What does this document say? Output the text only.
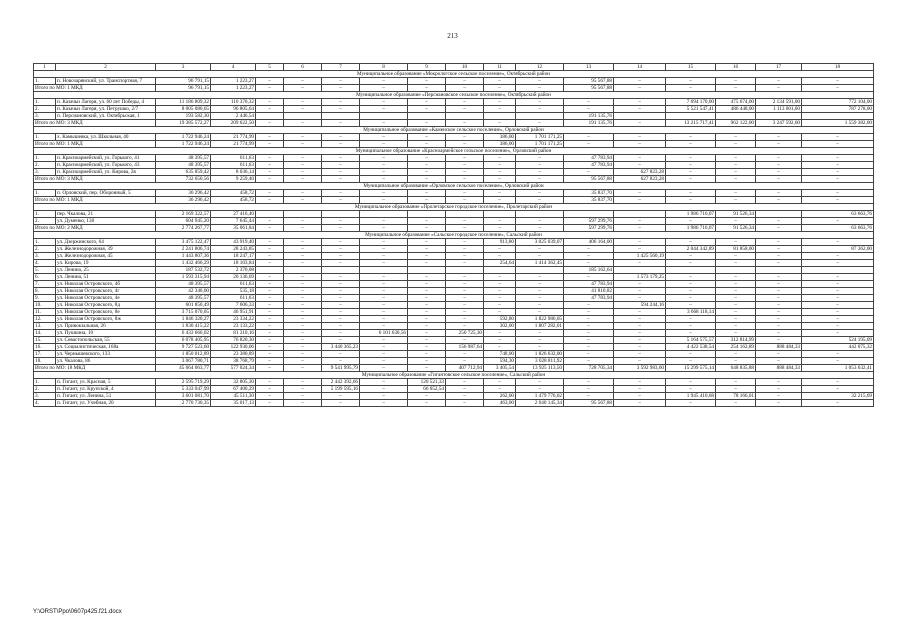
213
1	2	3	4	5	6	7	8	9	10	11	12	13	14	15	16	17	18
Муниципальное образование «Мокрологское сельское поселение», Октябрьский район																	
1.	п. Новозарянский, ул. Транспортная, 7	96 791,15	1 223,27	–	–	–	–	–	–	–	–	95 567,88	–	–	–	–	–
Итого по МО: 1 МКД		96 791,15	1 223,27	–	–	–	–	–	–	–	–	95 567,88	–	–	–	–	–
Муниципальное образование «Персиановское сельское поселение», Октябрьский район																	
1.	п. Казачьи Лагеря, ул. 60 лет Победы, 4	11 186 809,32	110 370,32	–	–	–	–	–	–	–	–	–	–	7 694 170,00	475 674,00	2 134 591,00	772 104,00
2.	п. Казачьи Лагеря, ул. Петрушко, 2/7	8 005 080,65	96 805,64	–	–	–	–	–	–	–	–	–	–	5 521 547,41	486 448,00	1 113 001,60	787 278,00
3.	п. Персиановский, ул. Октябрьская, 1	193 582,30	2 446,54									191 135,76					
Итого по МО: 3 МКД		19 385 572,27	209 622,50	–	–	–	–	–	–	–	–	191 135,76	–	13 215 717,41	962 122,00	3 247 592,60	1 559 382,00
Муниципальное образование «Каменское сельское поселение», Орловский район																	
1.	х. Камышевка, ул. Школьная, 40	1 722 946,24	21 774,99	–	–	–	–	–	–	386,00	1 701 171,25	–	–	–	–	–	–
Итого по МО: 1 МКД		1 722 946,24	21 774,99	–	–	–	–	–	–	386,00	1 701 171,25	–	–	–	–	–	–
Муниципальное образование «Красноармейское сельское поселение», Орловский район																	
1.	п. Красноармейский, ул. Горького, 41	48 395,57	611,63	–	–	–	–	–	–	–	–	47 783,94	–	–	–	–	–
2.	п. Красноармейский, ул. Горького, 43	48 395,57	611,63	–	–	–	–	–	–	–	–	47 783,94	–	–	–	–	–
3.	п. Красноармейский, ул. Кирова, 2в	635 859,42	8 036,14	–	–	–	–	–	–	–	–	–	627 823,28	–	–	–	–
Итого по МО: 3 МКД		732 650,56	9 259,40	–	–	–	–	–	–	–	–	95 567,88	627 823,28	–	–	–	–
Муниципальное образование «Орловское сельское поселение», Орловский район																	
1.	п. Орловский, пер. Оборонный, 5	36 296,42	458,72	–	–	–	–	–	–	–	–	35 837,70	–	–	–	–	–
Итого по МО: 1 МКД		36 296,42	458,72	–	–	–	–	–	–	–	–	35 837,70	–	–	–	–	–
Муниципальное образование «Пролетарское городское поселение», Пролетарский район																	
1.	пер. Чкалова, 21	2 169 322,57	27 416,40											1 986 716,07	91 526,34		63 663,76
2.	ул. Думенко, 130	604 945,20	7 645,44	–	–	–	–	–	–	–	–	597 299,76	–	–	–	–	–
Итого по МО: 2 МКД		2 774 267,77	35 061,84	–	–	–	–	–	–	–	–	597 299,76	–	1 986 716,07	91 526,34	–	63 663,76
Муниципальное образование «Сальское городское поселение», Сальский район																	
1.	ул. Дзержинского, 64	3 475 122,47	43 919,40	–	–	–	–	–	–	913,80	3 025 039,07	406 164,00	–	–	–	–	–
2.	ул. Железнодорожная, 39	2 241 806,74	28 243,85	–	–	–	–	–	–	–	–	–	–	2 044 342,89	81 858,00	–	87 362,00
3.	ул. Железнодорожная, 45	1 443 807,36	18 247,17	–	–	–	–	–	–	–	–	–	1 425 560,19	–	–	–	–
4.	ул. Кирова, 19	1 432 466,29	18 103,84	–	–	–	–	–	–	254,64	1 414 362,45	–	–	–	–	–	–
5.	ул. Ленина, 25	187 532,72	2 370,08									185 162,64					
6.	ул. Ленина, 51	1 593 315,94	20 136,69	–	–	–	–	–	–	–	–	–	1 573 179,25	–	–	–	–
7.	ул. Николая Островского, 4б	48 395,57	611,63	–	–	–	–	–	–	–	–	47 783,94	–	–	–	–	–
8.	ул. Николая Островского, 4г	42 346,00	535,18	–	–	–	–	–	–	–	–	41 810,82	–	–	–	–	–
9.	ул. Николая Островского, 4е	48 395,57	611,63	–	–	–	–	–	–	–	–	47 783,94	–	–	–	–	–
10.	ул. Николая Островского, 8д	601 850,49	7 606,33	–	–	–	–	–	–	–	–	–	594 244,16	–	–	–	–
11.	ул. Николая Островского, 8е	3 715 070,05	46 951,91	–	–	–	–	–	–	–	–	–	–	3 668 118,14	–	–	–
12.	ул. Николая Островского, 8ж	1 846 320,27	23 334,22	–	–	–	–	–	–	592,80	1 822 986,05	–	–	–	–	–	–
13.	ул. Привокзальная, 26	1 830 415,22	23 133,22	–	–	–	–	–	–	302,00	1 807 282,01	–	–	–	–	–	–
14.	ул. Пушкина, 10	6 433 666,02	81 310,16	–	–	–	6 101 630,56	–	250 725,30	–	–	–	–	–	–	–	–
15.	ул. Севастопольская, 55	6 078 405,95	76 820,30	–	–	–	–	–	–	–	–	–	–	5 164 575,57	312 814,99	–	524 195,09
16.	ул. Социалистическая, 168а	9 727 523,60	122 930,06	–	–	3 440 365,23	–	–	156 987,64	–	–	–	–	4 422 538,54	254 162,89	888 484,33	442 075,32
17.	ул. Чернышевского, 133	1 850 012,89	23 380,89	–	–	–	–	–	–	748,00	1 826 632,00	–	–	–	–	–	–
18.	ул. Чкалова, 86	3 067 780,71	38 768,79	–	–	–	–	–	–	594,30	3 028 811,92	–	–	–	–	–	–
Итого по МО: 18 МКД		45 664 063,77	577 024,34	–	–	9 541 995,79	–	–	407 712,94	3 405,54	13 925 113,50	728 705,34	3 592 983,60	15 299 575,14	648 835,88	888 484,33	1 053 632,41
Муниципальное образование «Гигантовское сельское поселение», Сальский район																	
1.	п. Гигант, ул. Красная, 5	2 595 719,29	32 805,30	–	–	2 442 392,66	–	120 521,33	–	–	–	–	–	–	–	–	–
2.	п. Гигант, ул. Крупской, 4	5 333 047,99	67 400,29	–	–	5 199 595,16	–	66 052,54	–	–	–	–	–	–	–	–	–
3.	п. Гигант, ул. Ленина, 51	3 601 081,70	45 511,30	–	–	–	–	–	–	262,00	1 479 776,02	–	–	1 945 410,68	78 166,01	–	32 215,69
4.	п. Гигант, ул. Учебная, 20	2 770 730,35	35 017,13	–	–	–	–	–	–	463,00	2 640 145,34	95 567,88	–	–	–	–	–
Y:\ORST\Ppo\0607p425.f21.docx
